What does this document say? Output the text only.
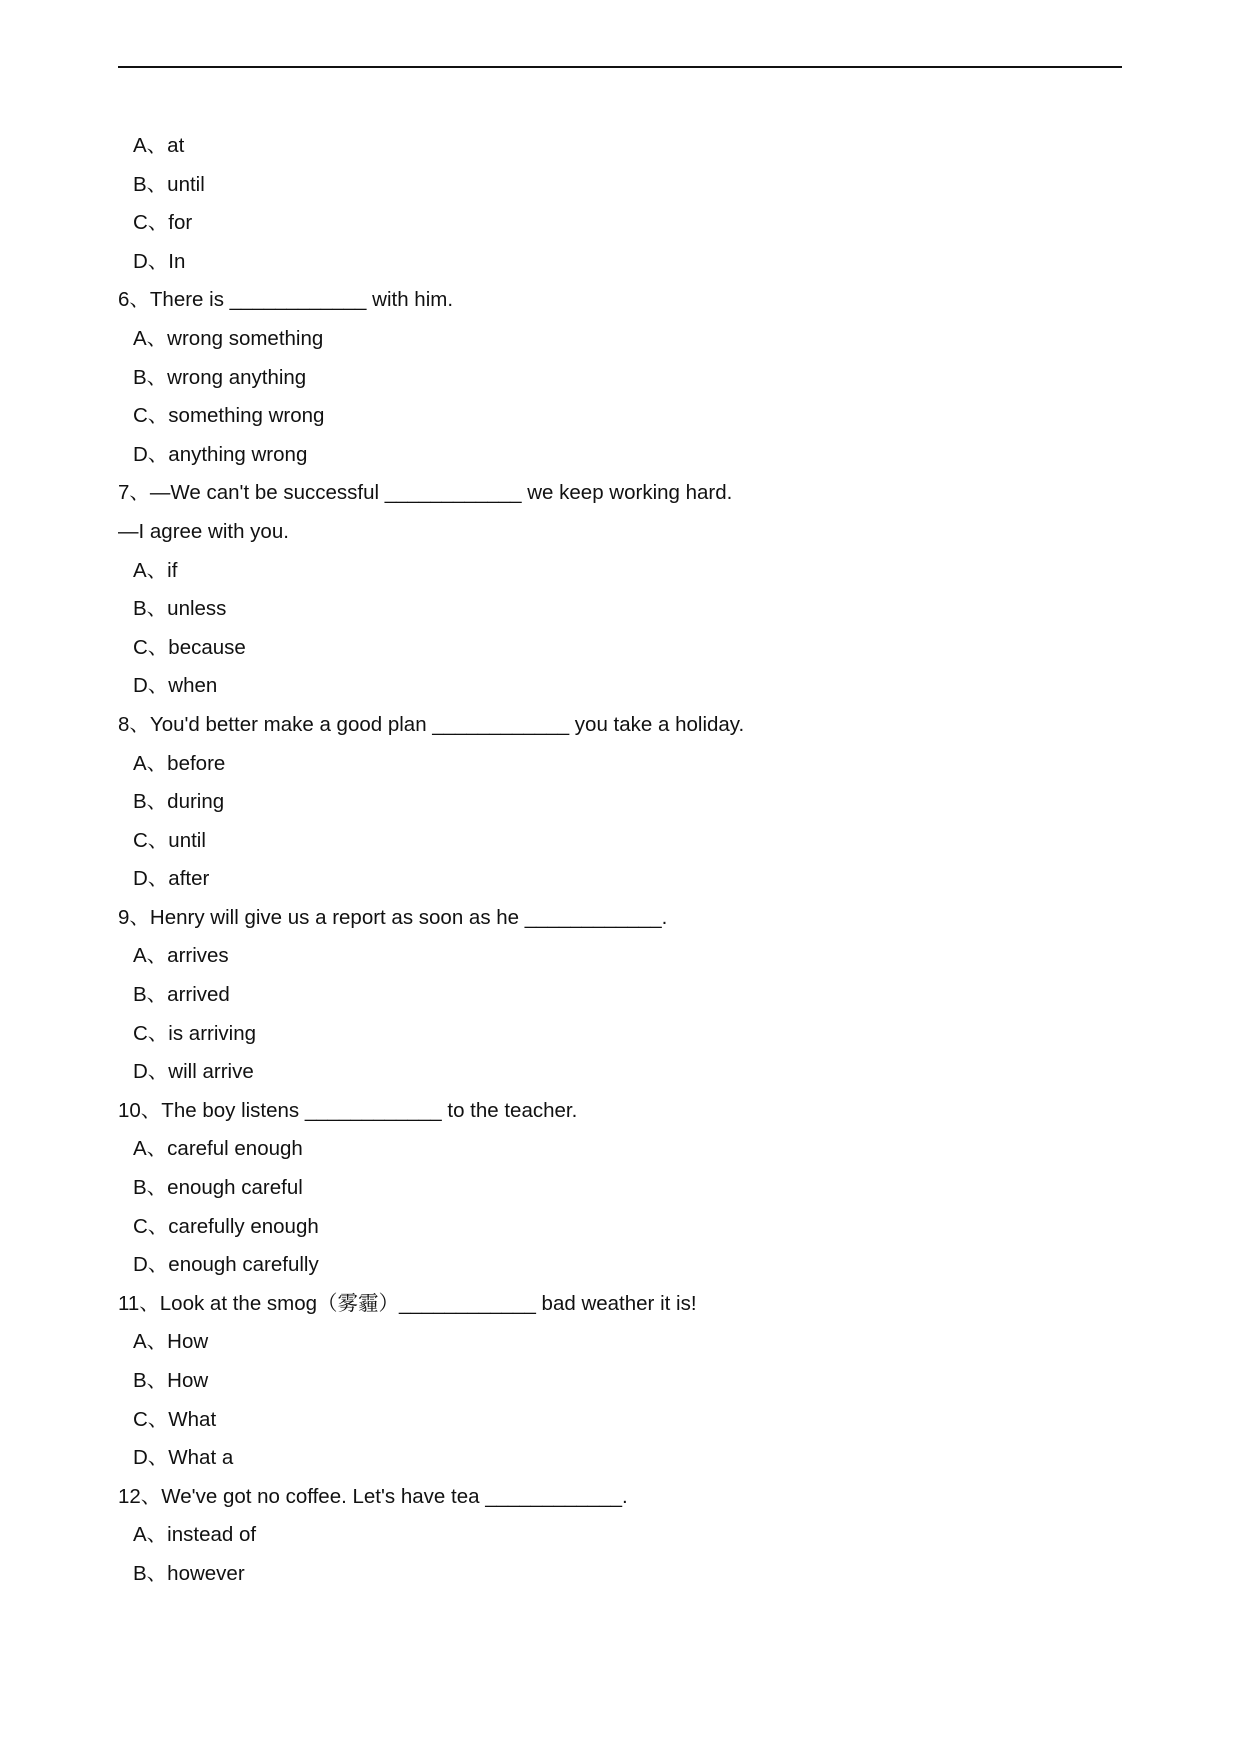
A、at
B、until
C、for
D、In
6、There is ____________ with him.
A、wrong something
B、wrong anything
C、something wrong
D、anything wrong
7、—We can't be successful ____________ we keep working hard.
—I agree with you.
A、if
B、unless
C、because
D、when
8、You'd better make a good plan ____________ you take a holiday.
A、before
B、during
C、until
D、after
9、Henry will give us a report as soon as he ____________.
A、arrives
B、arrived
C、is arriving
D、will arrive
10、The boy listens ____________ to the teacher.
A、careful enough
B、enough careful
C、carefully enough
D、enough carefully
11、Look at the smog（雾霾）____________ bad weather it is!
A、How
B、How
C、What
D、What a
12、We've got no coffee. Let's have tea ____________.
A、instead of
B、however
